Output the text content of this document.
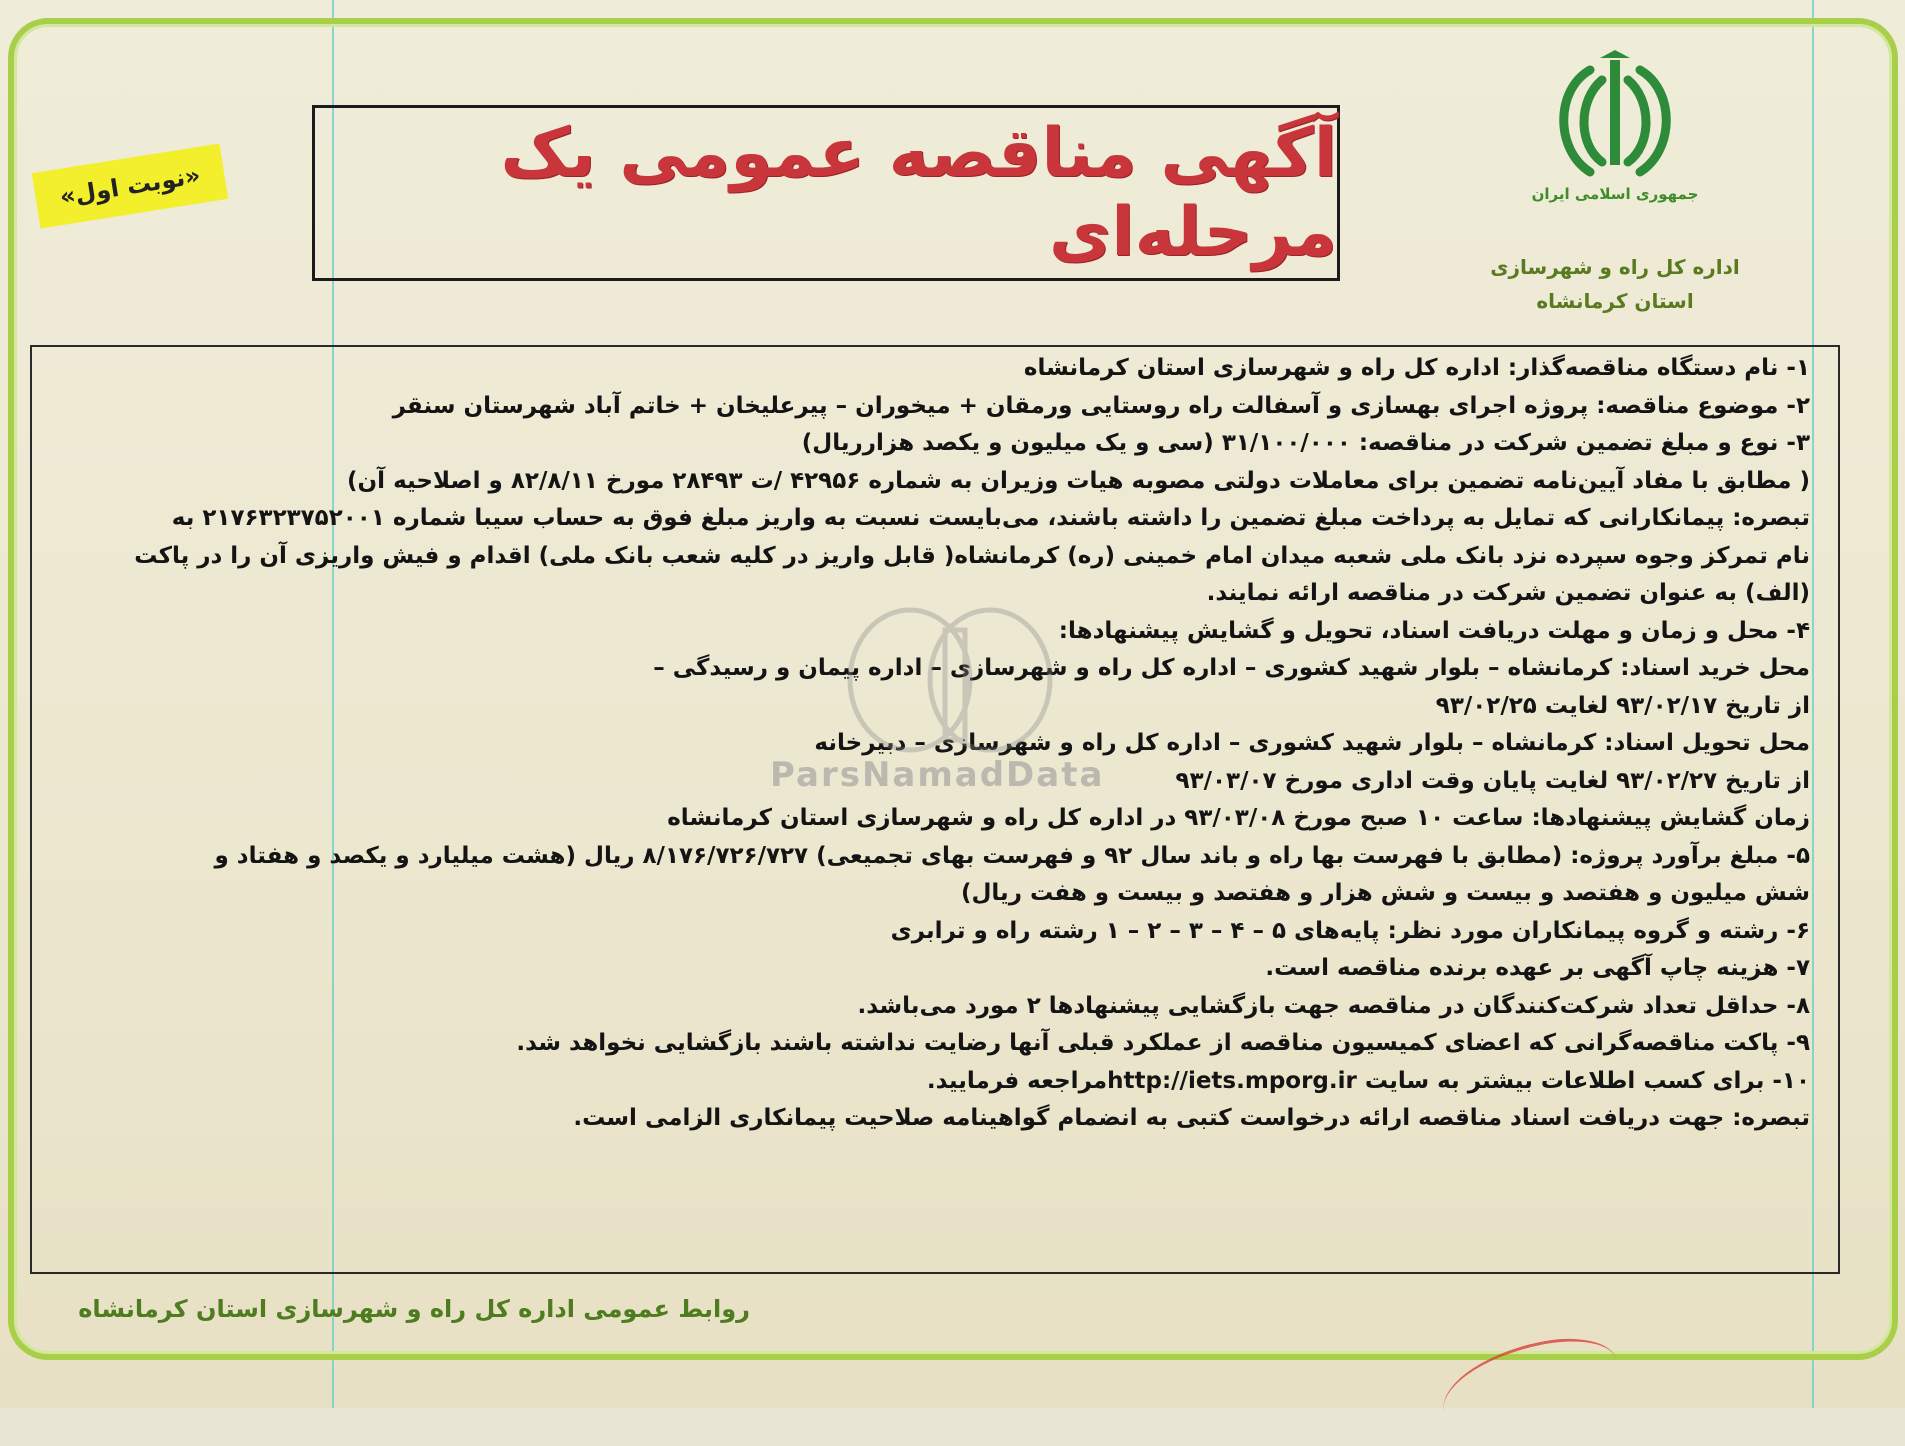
جمهوری اسلامی ایران
اداره کل راه و شهرسازی
استان کرمانشاه
آگهی مناقصه عمومی یک مرحله‌ای
«نوبت اول»
۱- نام دستگاه مناقصه‌گذار: اداره کل راه و شهرسازی استان کرمانشاه
۲- موضوع مناقصه: پروژه اجرای بهسازی و آسفالت راه روستایی ورمقان + میخوران – پیرعلیخان + خاتم آباد شهرستان سنقر
۳- نوع و مبلغ تضمین شرکت در مناقصه: ۳۱/۱۰۰/۰۰۰ (سی و یک میلیون و یکصد هزارریال)
( مطابق با مفاد آیین‌نامه تضمین برای معاملات دولتی مصوبه هیات وزیران به شماره ۴۲۹۵۶ /ت ۲۸۴۹۳ مورخ ۸۲/۸/۱۱ و اصلاحیه آن)
تبصره: پیمانکارانی که تمایل به پرداخت مبلغ تضمین را داشته باشند، می‌بایست نسبت به واریز مبلغ فوق به حساب سیبا شماره ۲۱۷۶۳۲۳۷۵۲۰۰۱ به
نام تمرکز وجوه سپرده نزد بانک ملی شعبه میدان امام خمینی (ره) کرمانشاه( قابل واریز در کلیه شعب بانک ملی) اقدام و فیش واریزی آن را در پاکت
(الف) به عنوان تضمین شرکت در مناقصه ارائه نمایند.
۴- محل و زمان و مهلت دریافت اسناد، تحویل و گشایش پیشنهادها:
محل خرید اسناد: کرمانشاه – بلوار شهید کشوری – اداره کل راه و شهرسازی – اداره پیمان و رسیدگی –
از تاریخ ۹۳/۰۲/۱۷ لغایت ۹۳/۰۲/۲۵
محل تحویل اسناد: کرمانشاه – بلوار شهید کشوری – اداره کل راه و شهرسازی – دبیرخانه
از تاریخ ۹۳/۰۲/۲۷ لغایت پایان وقت اداری مورخ ۹۳/۰۳/۰۷
زمان گشایش پیشنهادها: ساعت ۱۰ صبح مورخ ۹۳/۰۳/۰۸ در اداره کل راه و شهرسازی استان کرمانشاه
۵- مبلغ برآورد پروژه: (مطابق با فهرست بها راه و باند سال ۹۲ و فهرست بهای تجمیعی) ۸/۱۷۶/۷۲۶/۷۲۷ ریال (هشت میلیارد و یکصد و هفتاد و
شش میلیون و هفتصد و بیست و شش هزار و هفتصد و بیست و هفت ریال)
۶- رشته و گروه پیمانکاران مورد نظر: پایه‌های ۵ – ۴ – ۳ – ۲ – ۱ رشته راه و ترابری
۷- هزینه چاپ آگهی بر عهده برنده مناقصه است.
۸- حداقل تعداد شرکت‌کنندگان در مناقصه جهت بازگشایی پیشنهادها ۲ مورد می‌باشد.
۹- پاکت مناقصه‌گرانی که اعضای کمیسیون مناقصه از عملکرد قبلی آنها رضایت نداشته باشند بازگشایی نخواهد شد.
۱۰- برای کسب اطلاعات بیشتر به سایت http://iets.mporg.irمراجعه فرمایید.
تبصره: جهت دریافت اسناد مناقصه ارائه درخواست کتبی به انضمام گواهینامه صلاحیت پیمانکاری الزامی است.
ParsNamadData
روابط عمومی اداره کل راه و شهرسازی استان کرمانشاه
